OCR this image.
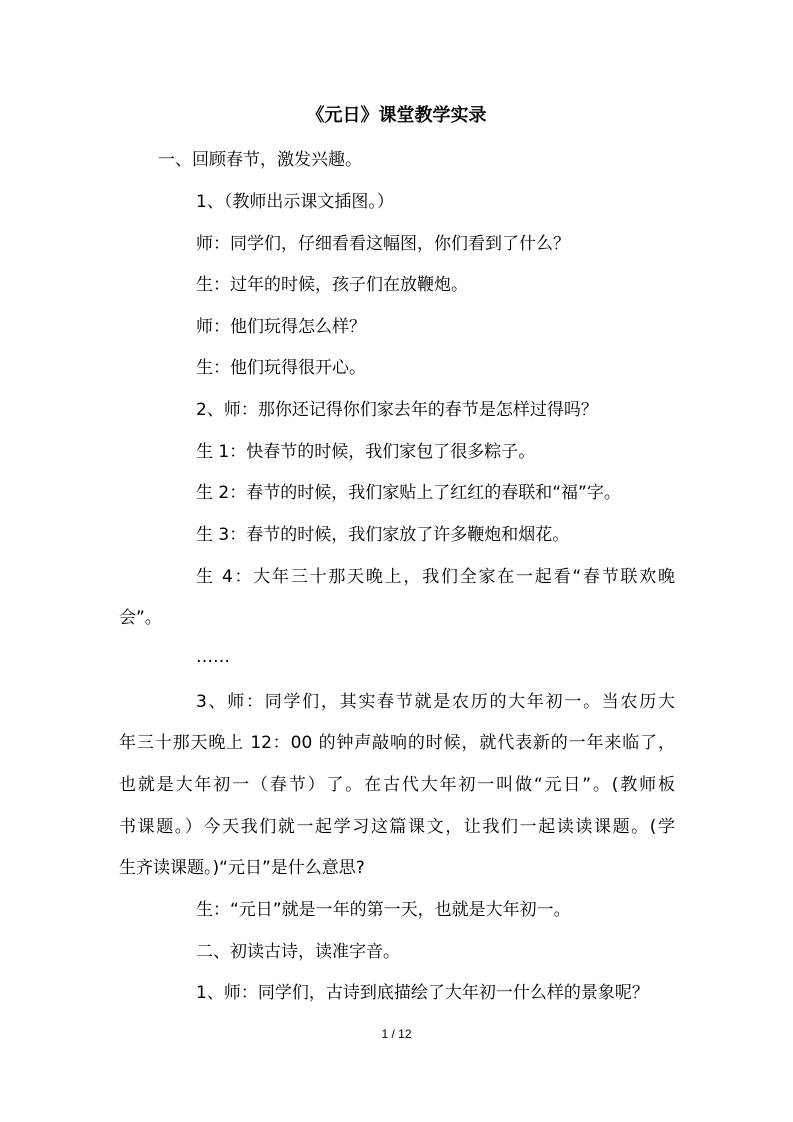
《元日》课堂教学实录
一、回顾春节，激发兴趣。
1、（教师出示课文插图。）
师：同学们，仔细看看这幅图，你们看到了什么？
生：过年的时候，孩子们在放鞭炮。
师：他们玩得怎么样？
生：他们玩得很开心。
2、师：那你还记得你们家去年的春节是怎样过得吗？
生 1：快春节的时候，我们家包了很多粽子。
生 2：春节的时候，我们家贴上了红红的春联和“福”字。
生 3：春节的时候，我们家放了许多鞭炮和烟花。
生 4：大年三十那天晚上，我们全家在一起看“春节联欢晚
会”。
……
3、师：同学们，其实春节就是农历的大年初一。当农历大
年三十那天晚上 12：00 的钟声敲响的时候，就代表新的一年来临了，
也就是大年初一（春节）了。在古代大年初一叫做“元日”。(教师板
书课题。）今天我们就一起学习这篇课文，让我们一起读读课题。(学
生齐读课题。)“元日”是什么意思?
生：“元日”就是一年的第一天，也就是大年初一。
二、初读古诗，读准字音。
1、师：同学们，古诗到底描绘了大年初一什么样的景象呢？
1 / 12
